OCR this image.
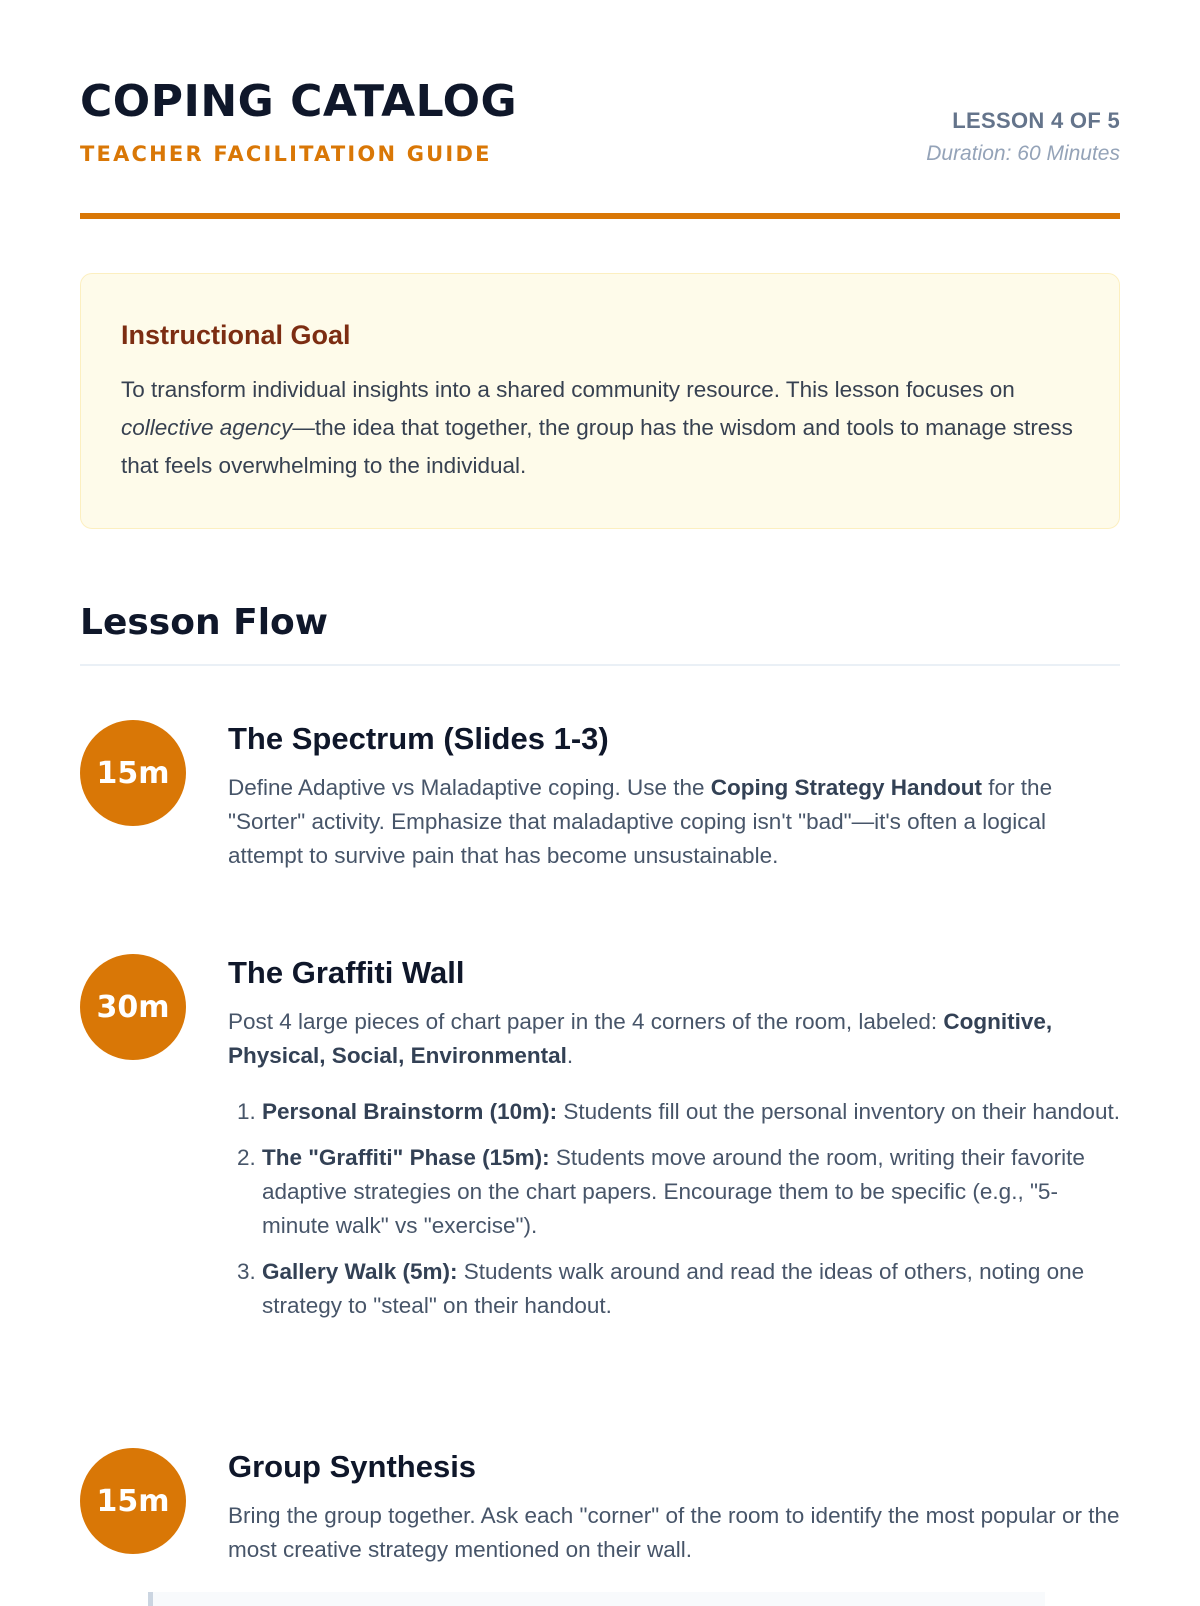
COPING CATALOG
TEACHER FACILITATION GUIDE
LESSON 4 OF 5
Duration: 60 Minutes
Instructional Goal

To transform individual insights into a shared community resource. This lesson focuses on collective agency—the idea that together, the group has the wisdom and tools to manage stress that feels overwhelming to the individual.

Lesson Flow
15m
The Spectrum (Slides 1-3)

Define Adaptive vs Maladaptive coping. Use the Coping Strategy Handout for the "Sorter" activity. Emphasize that maladaptive coping isn't "bad"—it's often a logical attempt to survive pain that has become unsustainable.

30m
The Graffiti Wall

Post 4 large pieces of chart paper in the 4 corners of the room, labeled: Cognitive, Physical, Social, Environmental.

1. Personal Brainstorm (10m): Students fill out the personal inventory on their handout.
2. The "Graffiti" Phase (15m): Students move around the room, writing their favorite adaptive strategies on the chart papers. Encourage them to be specific (e.g., "5-minute walk" vs "exercise").
3. Gallery Walk (5m): Students walk around and read the ideas of others, noting one strategy to "steal" on their handout.
15m
Group Synthesis

Bring the group together. Ask each "corner" of the room to identify the most popular or the most creative strategy mentioned on their wall.
